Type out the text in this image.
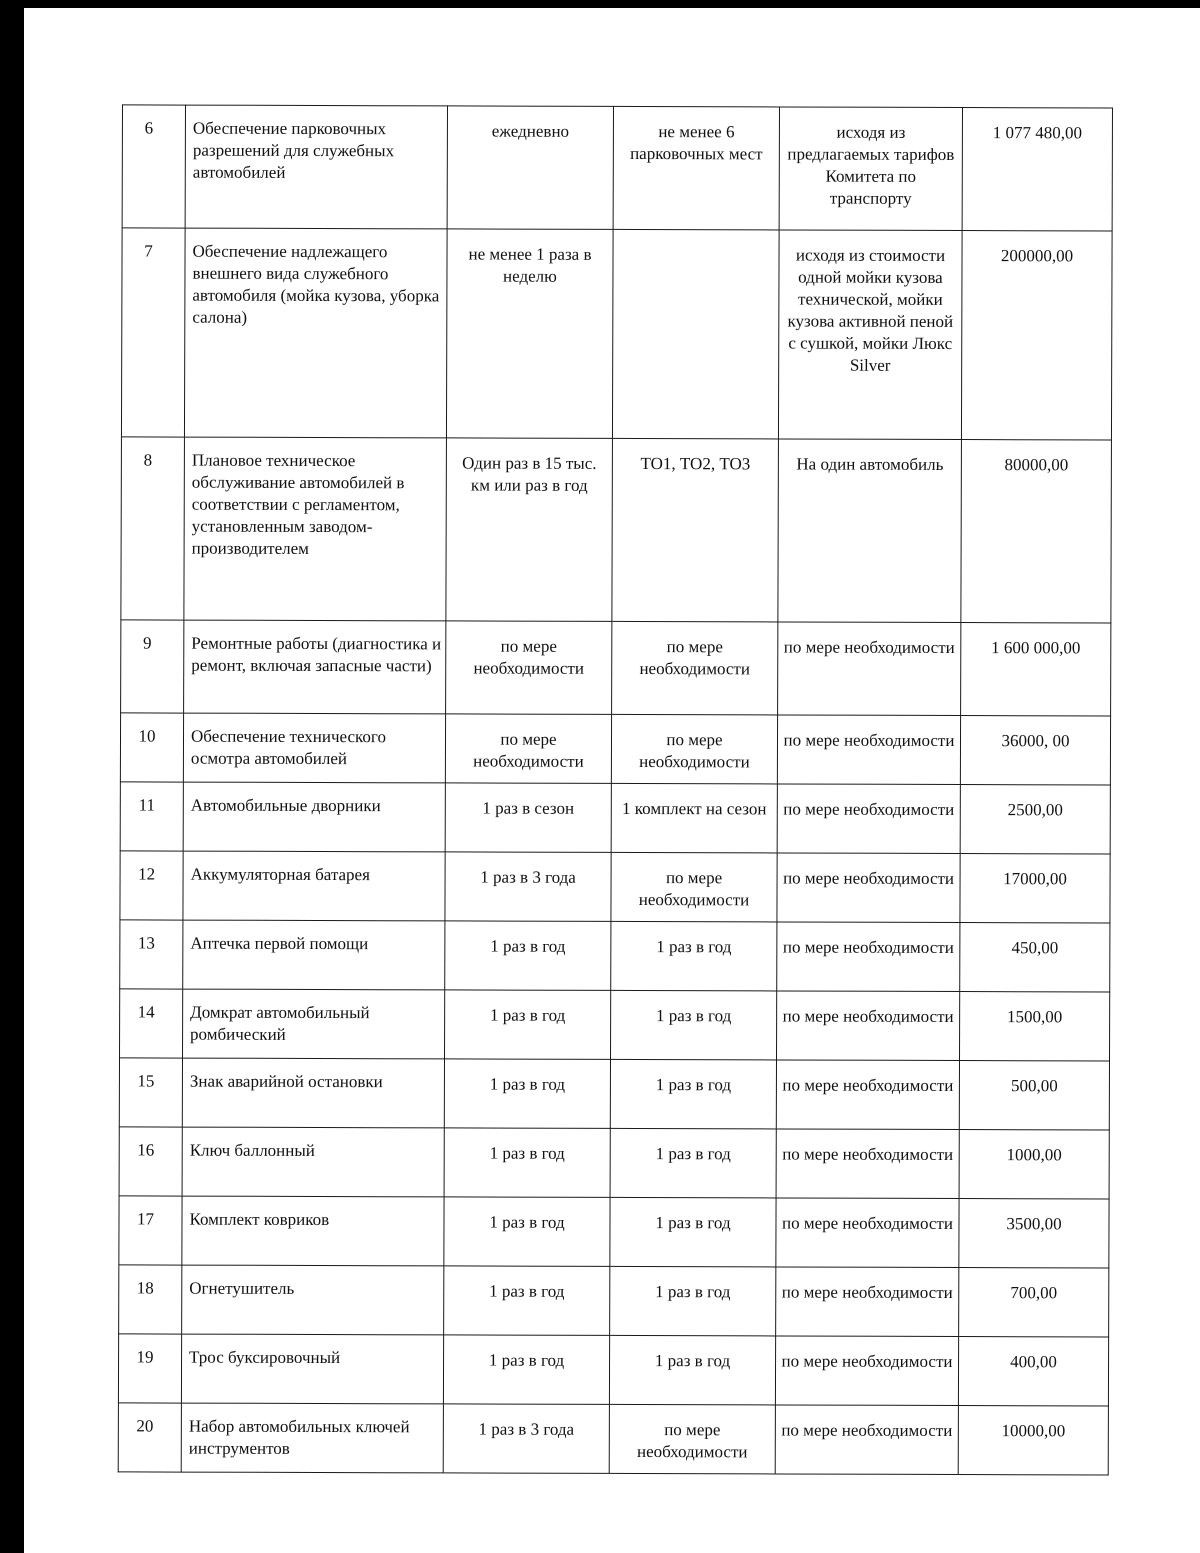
6	Обеспечение парковочных разрешений для служебных автомобилей	ежедневно	не менее 6 парковочных мест	исходя из предлагаемых тарифов Комитета по транспорту	1 077 480,00

7	Обеспечение надлежащего внешнего вида служебного автомобиля (мойка кузова, уборка салона)	не менее 1 раза в неделю		исходя из стоимости одной мойки кузова технической, мойки кузова активной пеной с сушкой, мойки Люкс Silver	200000,00

8	Плановое техническое обслуживание автомобилей в соответствии с регламентом, установленным заводом-производителем	Один раз в 15 тыс. км или раз в год	ТО1, ТО2, ТО3	На один автомобиль	80000,00

9	Ремонтные работы (диагностика и ремонт, включая запасные части)	по мере необходимости	по мере необходимости	по мере необходимости	1 600 000,00

10	Обеспечение технического осмотра автомобилей	по мере необходимости	по мере необходимости	по мере необходимости	36000, 00

11	Автомобильные дворники	1 раз в сезон	1 комплект на сезон	по мере необходимости	2500,00

12	Аккумуляторная батарея	1 раз в 3 года	по мере необходимости	по мере необходимости	17000,00

13	Аптечка первой помощи	1 раз в год	1 раз в год	по мере необходимости	450,00

14	Домкрат автомобильный ромбический	1 раз в год	1 раз в год	по мере необходимости	1500,00

15	Знак аварийной остановки	1 раз в год	1 раз в год	по мере необходимости	500,00

16	Ключ баллонный	1 раз в год	1 раз в год	по мере необходимости	1000,00

17	Комплект ковриков	1 раз в год	1 раз в год	по мере необходимости	3500,00

18	Огнетушитель	1 раз в год	1 раз в год	по мере необходимости	700,00

19	Трос буксировочный	1 раз в год	1 раз в год	по мере необходимости	400,00

20	Набор автомобильных ключей инструментов	1 раз в 3 года	по мере необходимости	по мере необходимости	10000,00
